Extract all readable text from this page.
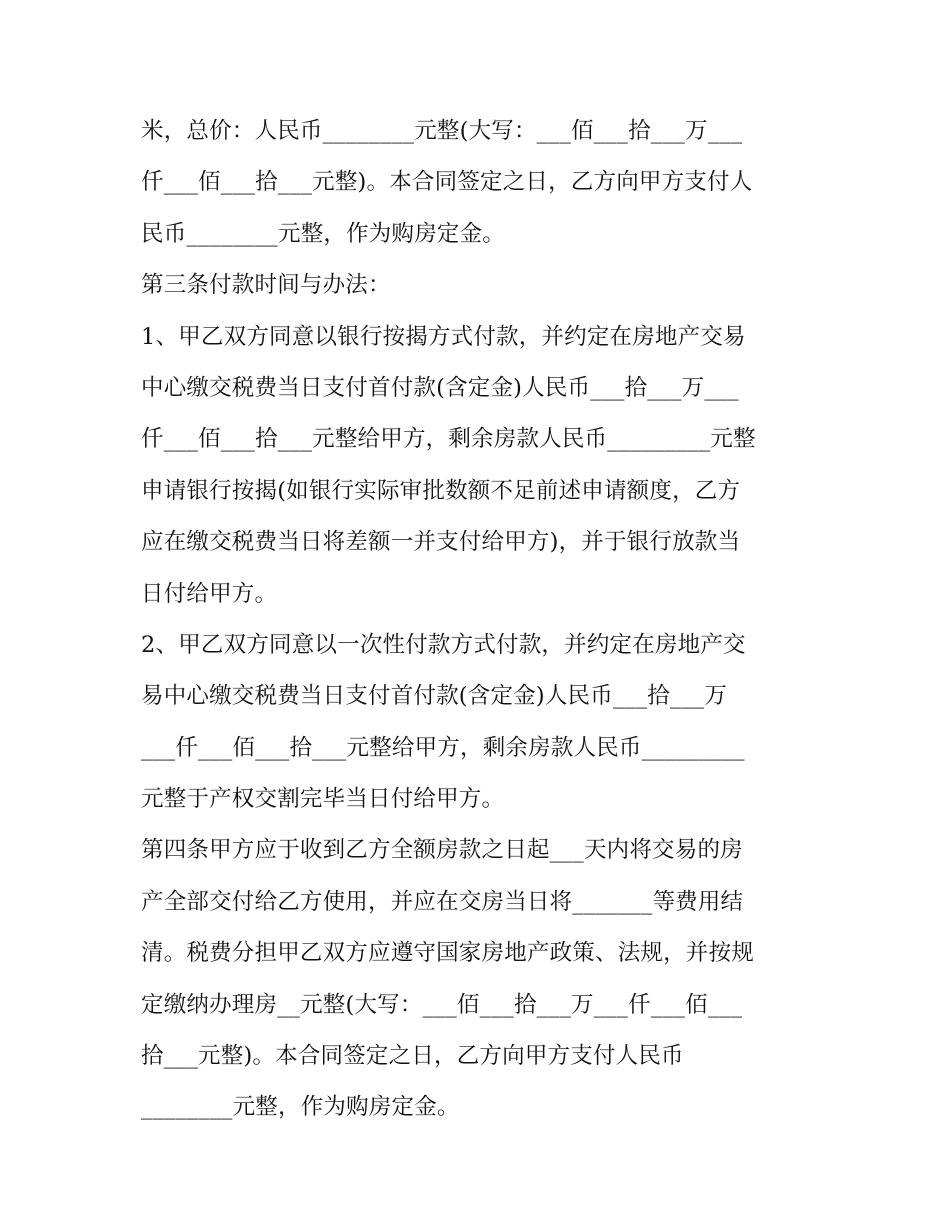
米，总价：人民币________元整(大写：___佰___拾___万___
仟___佰___拾___元整)。本合同签定之日，乙方向甲方支付人
民币________元整，作为购房定金。
第三条付款时间与办法：
1、甲乙双方同意以银行按揭方式付款，并约定在房地产交易
中心缴交税费当日支付首付款(含定金)人民币___拾___万___
仟___佰___拾___元整给甲方，剩余房款人民币_________元整
申请银行按揭(如银行实际审批数额不足前述申请额度，乙方
应在缴交税费当日将差额一并支付给甲方)，并于银行放款当
日付给甲方。
2、甲乙双方同意以一次性付款方式付款，并约定在房地产交
易中心缴交税费当日支付首付款(含定金)人民币___拾___万
___仟___佰___拾___元整给甲方，剩余房款人民币_________
元整于产权交割完毕当日付给甲方。
第四条甲方应于收到乙方全额房款之日起___天内将交易的房
产全部交付给乙方使用，并应在交房当日将_______等费用结
清。税费分担甲乙双方应遵守国家房地产政策、法规，并按规
定缴纳办理房__元整(大写：___佰___拾___万___仟___佰___
拾___元整)。本合同签定之日，乙方向甲方支付人民币
________元整，作为购房定金。
